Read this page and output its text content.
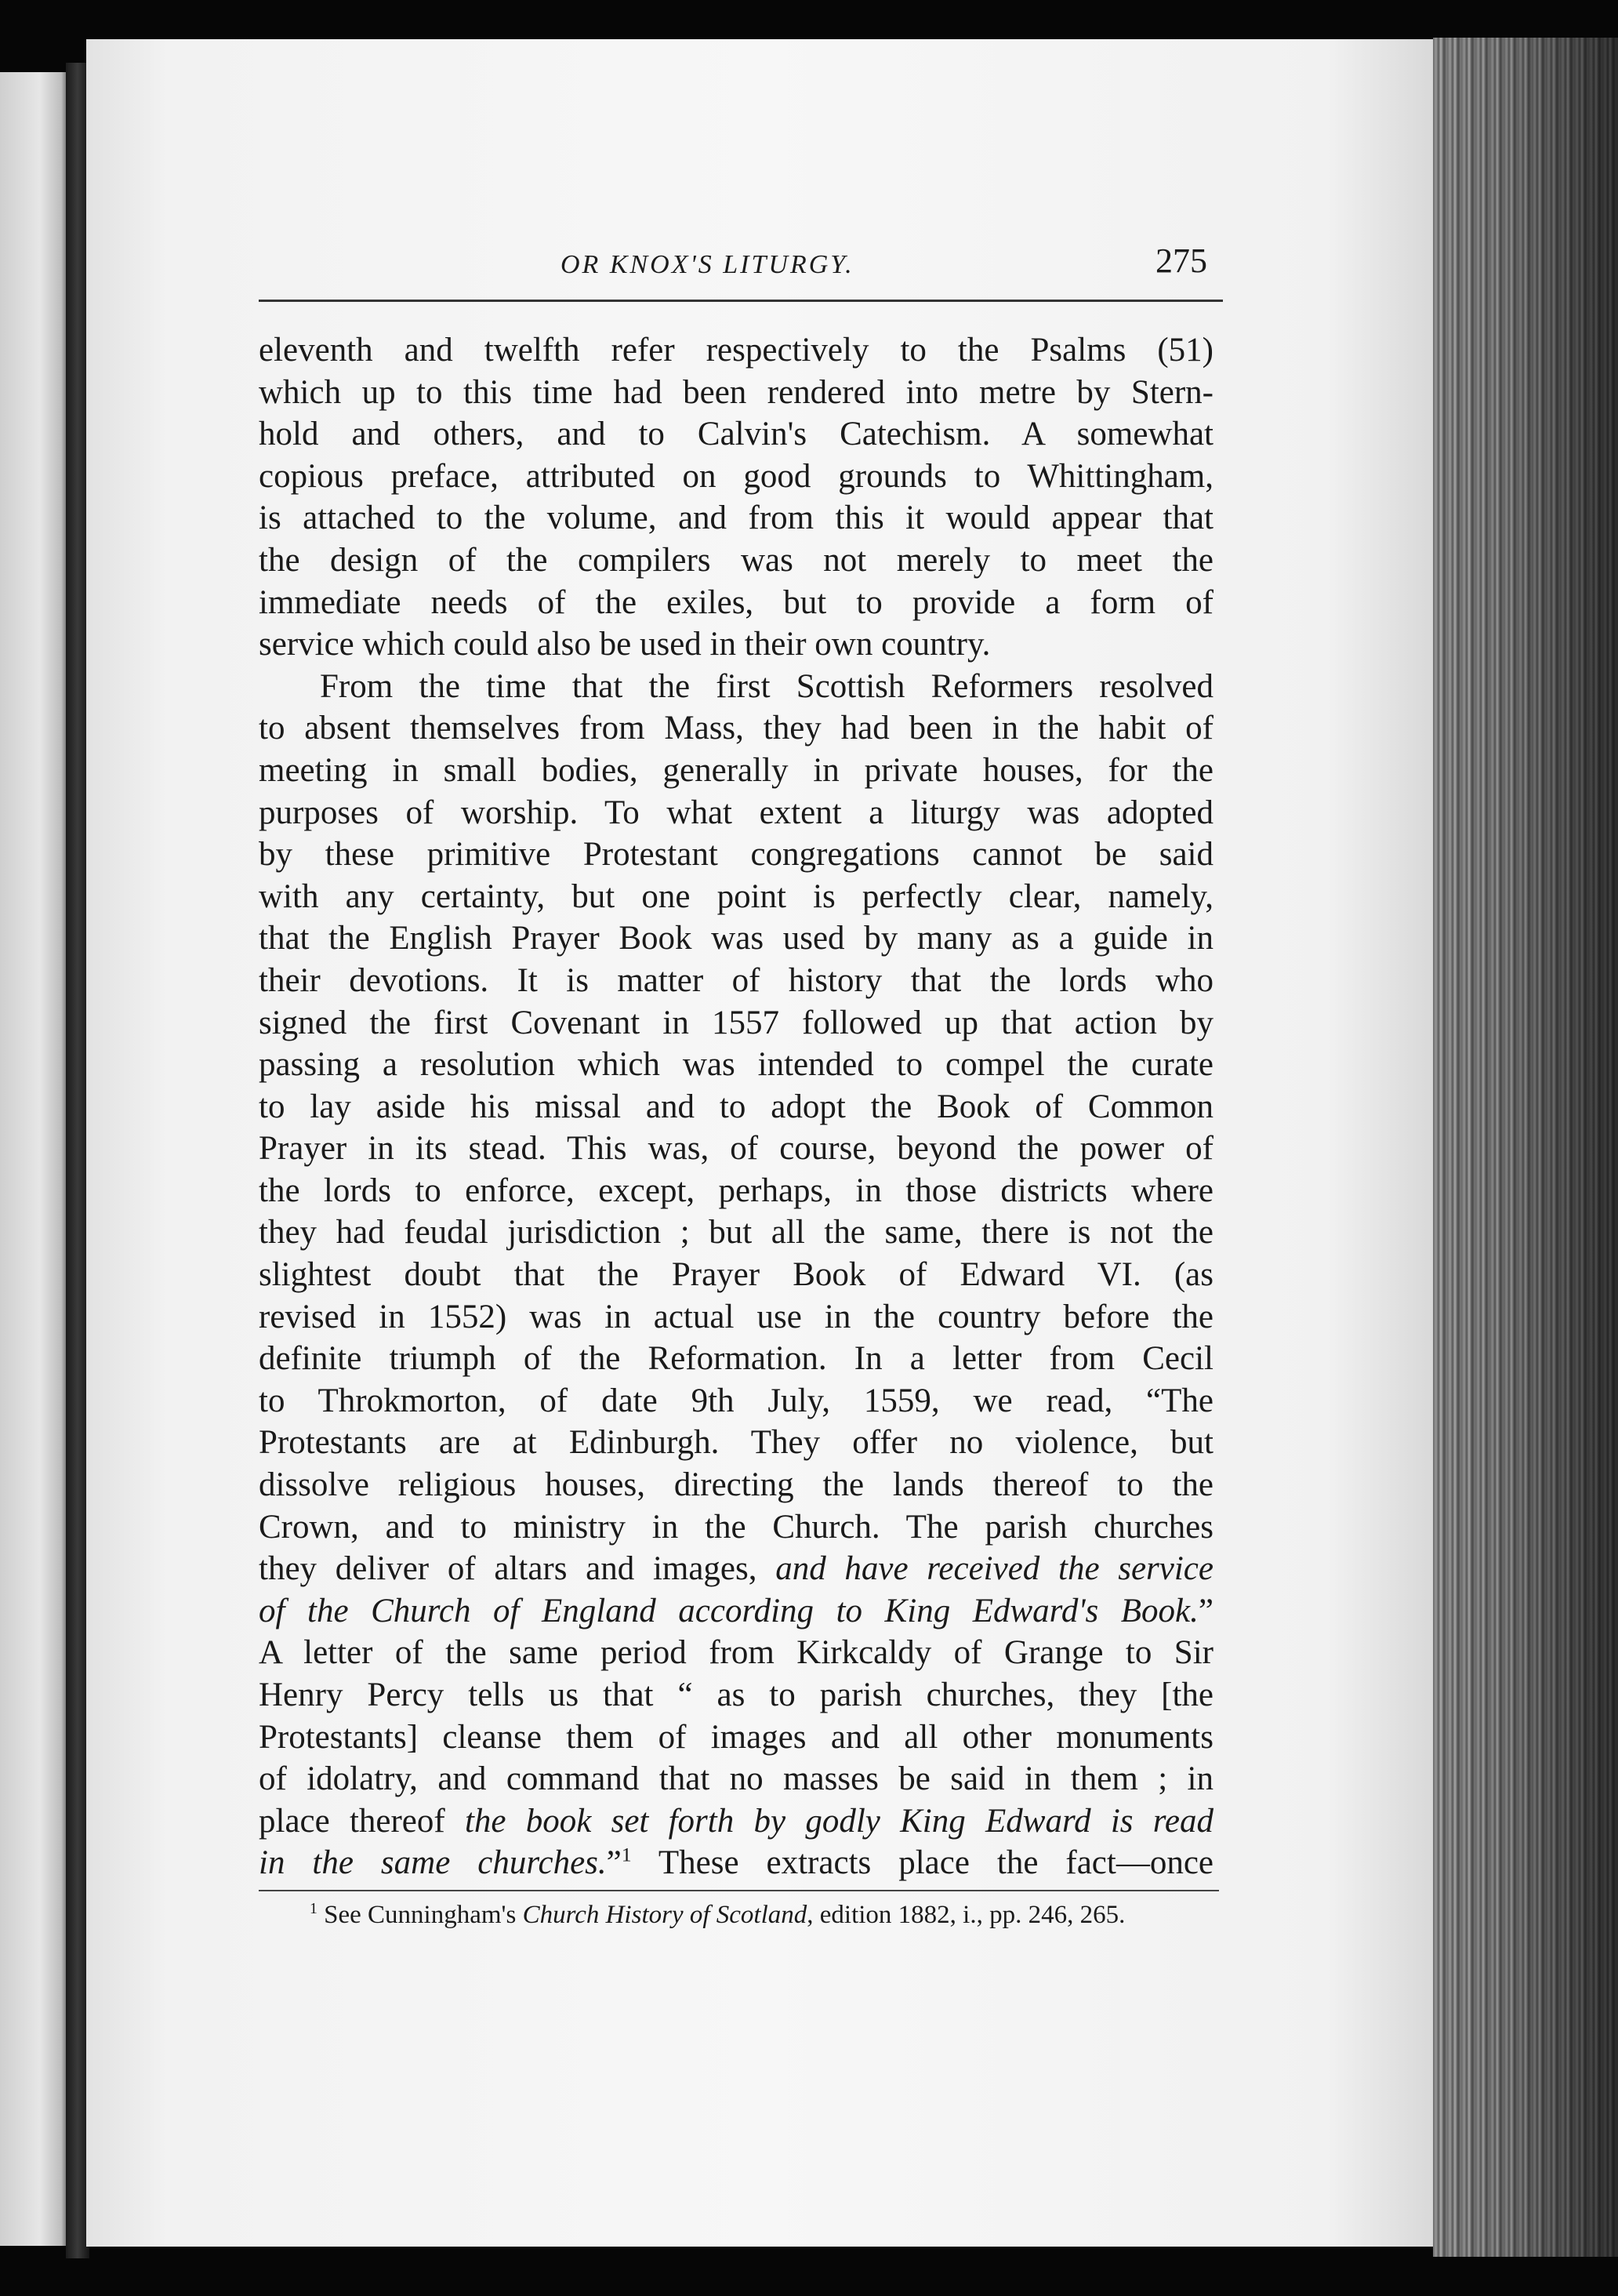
OR KNOX'S LITURGY.	275
eleventh and twelfth refer respectively to the Psalms (51)
which up to this time had been rendered into metre by Stern-
hold and others, and to Calvin's Catechism. A somewhat
copious preface, attributed on good grounds to Whittingham,
is attached to the volume, and from this it would appear that
the design of the compilers was not merely to meet the
immediate needs of the exiles, but to provide a form of
service which could also be used in their own country.
From the time that the first Scottish Reformers resolved
to absent themselves from Mass, they had been in the habit of
meeting in small bodies, generally in private houses, for the
purposes of worship. To what extent a liturgy was adopted
by these primitive Protestant congregations cannot be said
with any certainty, but one point is perfectly clear, namely,
that the English Prayer Book was used by many as a guide in
their devotions. It is matter of history that the lords who
signed the first Covenant in 1557 followed up that action by
passing a resolution which was intended to compel the curate
to lay aside his missal and to adopt the Book of Common
Prayer in its stead. This was, of course, beyond the power of
the lords to enforce, except, perhaps, in those districts where
they had feudal jurisdiction ; but all the same, there is not the
slightest doubt that the Prayer Book of Edward VI. (as
revised in 1552) was in actual use in the country before the
definite triumph of the Reformation. In a letter from Cecil
to Throkmorton, of date 9th July, 1559, we read, “The
Protestants are at Edinburgh. They offer no violence, but
dissolve religious houses, directing the lands thereof to the
Crown, and to ministry in the Church. The parish churches
they deliver of altars and images, and have received the service
of the Church of England according to King Edward's Book.”
A letter of the same period from Kirkcaldy of Grange to Sir
Henry Percy tells us that “ as to parish churches, they [the
Protestants] cleanse them of images and all other monuments
of idolatry, and command that no masses be said in them ; in
place thereof the book set forth by godly King Edward is read
in the same churches.”$^1$ These extracts place the fact—once
$^1$ See Cunningham's Church History of Scotland, edition 1882, i., pp. 246, 265.
